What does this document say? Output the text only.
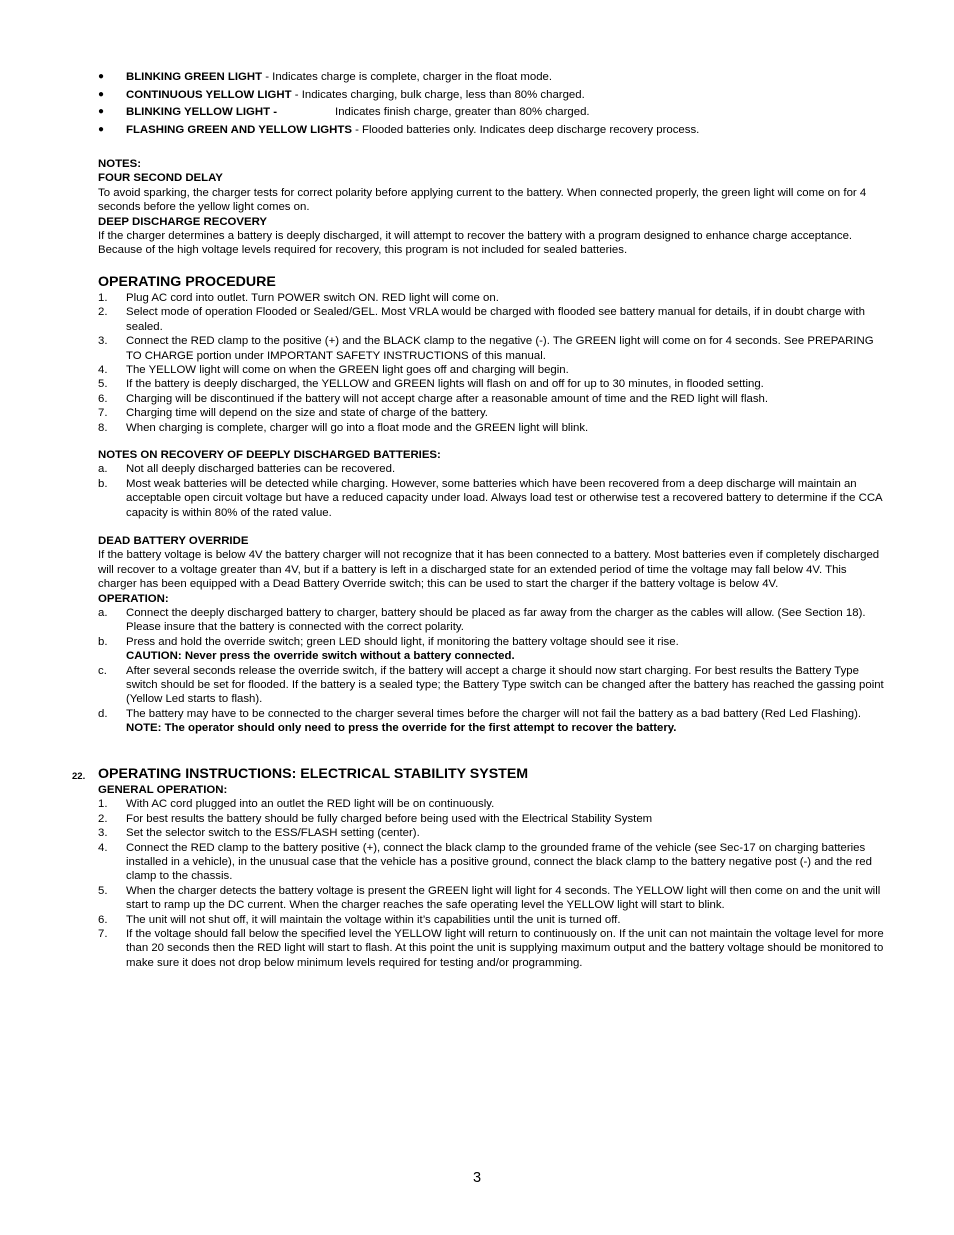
● BLINKING GREEN LIGHT - Indicates charge is complete, charger in the float mode.
● CONTINUOUS YELLOW LIGHT - Indicates charging, bulk charge, less than 80% charged.
● BLINKING YELLOW LIGHT -	Indicates finish charge, greater than 80% charged.
● FLASHING GREEN AND YELLOW LIGHTS - Flooded batteries only. Indicates deep discharge recovery process.

NOTES:

FOUR SECOND DELAY

To avoid sparking, the charger tests for correct polarity before applying current to the battery. When connected properly, the green light will come on for 4 seconds before the yellow light comes on.

DEEP DISCHARGE RECOVERY

If the charger determines a battery is deeply discharged, it will attempt to recover the battery with a program designed to enhance charge acceptance. Because of the high voltage levels required for recovery, this program is not included for sealed batteries.

OPERATING PROCEDURE

1. Plug AC cord into outlet. Turn POWER switch ON. RED light will come on.
2. Select mode of operation Flooded or Sealed/GEL. Most VRLA would be charged with flooded see battery manual for details, if in doubt charge with sealed.
3. Connect the RED clamp to the positive (+) and the BLACK clamp to the negative (-). The GREEN light will come on for 4 seconds. See PREPARING TO CHARGE portion under IMPORTANT SAFETY INSTRUCTIONS of this manual.
4. The YELLOW light will come on when the GREEN light goes off and charging will begin.
5. If the battery is deeply discharged, the YELLOW and GREEN lights will flash on and off for up to 30 minutes, in flooded setting.
6. Charging will be discontinued if the battery will not accept charge after a reasonable amount of time and the RED light will flash.
7. Charging time will depend on the size and state of charge of the battery.
8. When charging is complete, charger will go into a float mode and the GREEN light will blink.

NOTES ON RECOVERY OF DEEPLY DISCHARGED BATTERIES:

a. Not all deeply discharged batteries can be recovered.
b. Most weak batteries will be detected while charging. However, some batteries which have been recovered from a deep discharge will maintain an acceptable open circuit voltage but have a reduced capacity under load. Always load test or otherwise test a recovered battery to determine if the CCA capacity is within 80% of the rated value.

DEAD BATTERY OVERRIDE

If the battery voltage is below 4V the battery charger will not recognize that it has been connected to a battery. Most batteries even if completely discharged will recover to a voltage greater than 4V, but if a battery is left in a discharged state for an extended period of time the voltage may fall below 4V. This charger has been equipped with a Dead Battery Override switch; this can be used to start the charger if the battery voltage is below 4V.

OPERATION:

a. Connect the deeply discharged battery to charger, battery should be placed as far away from the charger as the cables will allow. (See Section 18). Please insure that the battery is connected with the correct polarity.
b. Press and hold the override switch; green LED should light, if monitoring the battery voltage should see it rise.
CAUTION: Never press the override switch without a battery connected.
c. After several seconds release the override switch, if the battery will accept a charge it should now start charging. For best results the Battery Type switch should be set for flooded. If the battery is a sealed type; the Battery Type switch can be changed after the battery has reached the gassing point (Yellow Led starts to flash).
d. The battery may have to be connected to the charger several times before the charger will not fail the battery as a bad battery (Red Led Flashing). NOTE: The operator should only need to press the override for the first attempt to recover the battery.
22. OPERATING INSTRUCTIONS: ELECTRICAL STABILITY SYSTEM

GENERAL OPERATION:

1. With AC cord plugged into an outlet the RED light will be on continuously.
2. For best results the battery should be fully charged before being used with the Electrical Stability System
3. Set the selector switch to the ESS/FLASH setting (center).
4. Connect the RED clamp to the battery positive (+), connect the black clamp to the grounded frame of the vehicle (see Sec-17 on charging batteries installed in a vehicle), in the unusual case that the vehicle has a positive ground, connect the black clamp to the battery negative post (-) and the red clamp to the chassis.
5. When the charger detects the battery voltage is present the GREEN light will light for 4 seconds. The YELLOW light will then come on and the unit will start to ramp up the DC current. When the charger reaches the safe operating level the YELLOW light will start to blink.
6. The unit will not shut off, it will maintain the voltage within it’s capabilities until the unit is turned off.
7. If the voltage should fall below the specified level the YELLOW light will return to continuously on. If the unit can not maintain the voltage level for more than 20 seconds then the RED light will start to flash. At this point the unit is supplying maximum output and the battery voltage should be monitored to make sure it does not drop below minimum levels required for testing and/or programming.
3
